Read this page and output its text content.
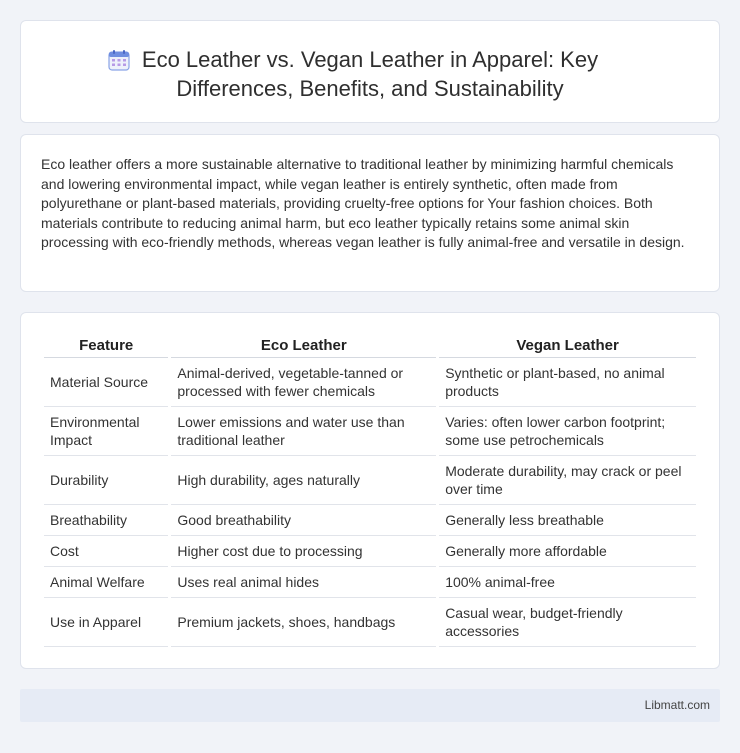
Eco Leather vs. Vegan Leather in Apparel: Key Differences, Benefits, and Sustainability

Eco leather offers a more sustainable alternative to traditional leather by minimizing harmful chemicals and lowering environmental impact, while vegan leather is entirely synthetic, often made from polyurethane or plant-based materials, providing cruelty-free options for Your fashion choices. Both materials contribute to reducing animal harm, but eco leather typically retains some animal skin processing with eco-friendly methods, whereas vegan leather is fully animal-free and versatile in design.

Feature	Eco Leather	Vegan Leather
Material Source	Animal-derived, vegetable-tanned or processed with fewer chemicals	Synthetic or plant-based, no animal products
Environmental Impact	Lower emissions and water use than traditional leather	Varies: often lower carbon footprint; some use petrochemicals
Durability	High durability, ages naturally	Moderate durability, may crack or peel over time
Breathability	Good breathability	Generally less breathable
Cost	Higher cost due to processing	Generally more affordable
Animal Welfare	Uses real animal hides	100% animal-free
Use in Apparel	Premium jackets, shoes, handbags	Casual wear, budget-friendly accessories
Libmatt.com
